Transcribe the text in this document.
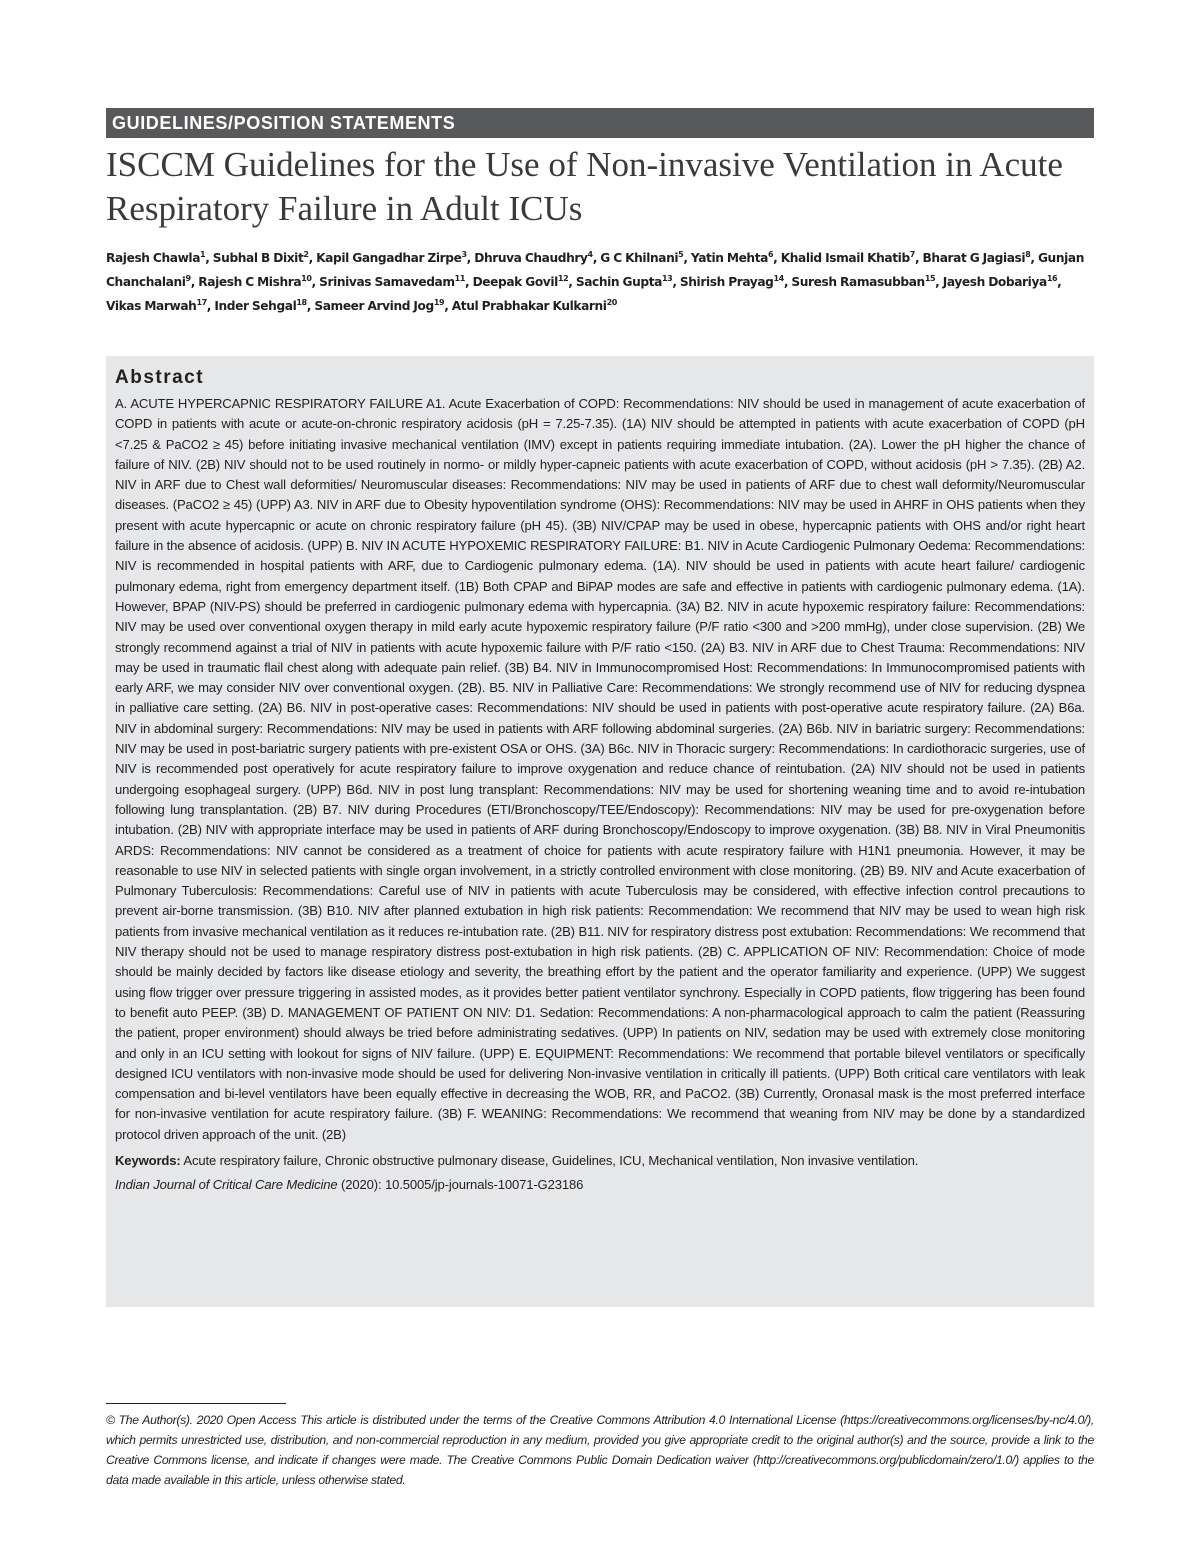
GUIDELINES/POSITION STATEMENTS
ISCCM Guidelines for the Use of Non-invasive Ventilation in Acute Respiratory Failure in Adult ICUs
Rajesh Chawla$^1$, Subhal B Dixit$^2$, Kapil Gangadhar Zirpe$^3$, Dhruva Chaudhry$^4$, G C Khilnani$^5$, Yatin Mehta$^6$, Khalid Ismail Khatib$^7$, Bharat G Jagiasi$^8$, Gunjan Chanchalani$^9$, Rajesh C Mishra$^{10}$, Srinivas Samavedam$^{11}$, Deepak Govil$^{12}$, Sachin Gupta$^{13}$, Shirish Prayag$^{14}$, Suresh Ramasubban$^{15}$, Jayesh Dobariya$^{16}$, Vikas Marwah$^{17}$, Inder Sehgal$^{18}$, Sameer Arvind Jog$^{19}$, Atul Prabhakar Kulkarni$^{20}$
Abstract

A. ACUTE HYPERCAPNIC RESPIRATORY FAILURE A1. Acute Exacerbation of COPD: Recommendations: NIV should be used in management of acute exacerbation of COPD in patients with acute or acute-on-chronic respiratory acidosis (pH = 7.25-7.35). (1A) NIV should be attempted in patients with acute exacerbation of COPD (pH <7.25 & PaCO2 ≥ 45) before initiating invasive mechanical ventilation (IMV) except in patients requiring immediate intubation. (2A). Lower the pH higher the chance of failure of NIV. (2B) NIV should not to be used routinely in normo- or mildly hyper-capneic patients with acute exacerbation of COPD, without acidosis (pH > 7.35). (2B) A2. NIV in ARF due to Chest wall deformities/ Neuromuscular diseases: Recommendations: NIV may be used in patients of ARF due to chest wall deformity/Neuromuscular diseases. (PaCO2 ≥ 45) (UPP) A3. NIV in ARF due to Obesity hypoventilation syndrome (OHS): Recommendations: NIV may be used in AHRF in OHS patients when they present with acute hypercapnic or acute on chronic respiratory failure (pH 45). (3B) NIV/CPAP may be used in obese, hypercapnic patients with OHS and/or right heart failure in the absence of acidosis. (UPP) B. NIV IN ACUTE HYPOXEMIC RESPIRATORY FAILURE: B1. NIV in Acute Cardiogenic Pulmonary Oedema: Recommendations: NIV is recommended in hospital patients with ARF, due to Cardiogenic pulmonary edema. (1A). NIV should be used in patients with acute heart failure/ cardiogenic pulmonary edema, right from emergency department itself. (1B) Both CPAP and BiPAP modes are safe and effective in patients with cardiogenic pulmonary edema. (1A). However, BPAP (NIV-PS) should be preferred in cardiogenic pulmonary edema with hypercapnia. (3A) B2. NIV in acute hypoxemic respiratory failure: Recommendations: NIV may be used over conventional oxygen therapy in mild early acute hypoxemic respiratory failure (P/F ratio <300 and >200 mmHg), under close supervision. (2B) We strongly recommend against a trial of NIV in patients with acute hypoxemic failure with P/F ratio <150. (2A) B3. NIV in ARF due to Chest Trauma: Recommendations: NIV may be used in traumatic flail chest along with adequate pain relief. (3B) B4. NIV in Immunocompromised Host: Recommendations: In Immunocompromised patients with early ARF, we may consider NIV over conventional oxygen. (2B). B5. NIV in Palliative Care: Recommendations: We strongly recommend use of NIV for reducing dyspnea in palliative care setting. (2A) B6. NIV in post-operative cases: Recommendations: NIV should be used in patients with post-operative acute respiratory failure. (2A) B6a. NIV in abdominal surgery: Recommendations: NIV may be used in patients with ARF following abdominal surgeries. (2A) B6b. NIV in bariatric surgery: Recommendations: NIV may be used in post-bariatric surgery patients with pre-existent OSA or OHS. (3A) B6c. NIV in Thoracic surgery: Recommendations: In cardiothoracic surgeries, use of NIV is recommended post operatively for acute respiratory failure to improve oxygenation and reduce chance of reintubation. (2A) NIV should not be used in patients undergoing esophageal surgery. (UPP) B6d. NIV in post lung transplant: Recommendations: NIV may be used for shortening weaning time and to avoid re-intubation following lung transplantation. (2B) B7. NIV during Procedures (ETI/Bronchoscopy/TEE/Endoscopy): Recommendations: NIV may be used for pre-oxygenation before intubation. (2B) NIV with appropriate interface may be used in patients of ARF during Bronchoscopy/Endoscopy to improve oxygenation. (3B) B8. NIV in Viral Pneumonitis ARDS: Recommendations: NIV cannot be considered as a treatment of choice for patients with acute respiratory failure with H1N1 pneumonia. However, it may be reasonable to use NIV in selected patients with single organ involvement, in a strictly controlled environment with close monitoring. (2B) B9. NIV and Acute exacerbation of Pulmonary Tuberculosis: Recommendations: Careful use of NIV in patients with acute Tuberculosis may be considered, with effective infection control precautions to prevent air-borne transmission. (3B) B10. NIV after planned extubation in high risk patients: Recommendation: We recommend that NIV may be used to wean high risk patients from invasive mechanical ventilation as it reduces re-intubation rate. (2B) B11. NIV for respiratory distress post extubation: Recommendations: We recommend that NIV therapy should not be used to manage respiratory distress post-extubation in high risk patients. (2B) C. APPLICATION OF NIV: Recommendation: Choice of mode should be mainly decided by factors like disease etiology and severity, the breathing effort by the patient and the operator familiarity and experience. (UPP) We suggest using flow trigger over pressure triggering in assisted modes, as it provides better patient ventilator synchrony. Especially in COPD patients, flow triggering has been found to benefit auto PEEP. (3B) D. MANAGEMENT OF PATIENT ON NIV: D1. Sedation: Recommendations: A non-pharmacological approach to calm the patient (Reassuring the patient, proper environment) should always be tried before administrating sedatives. (UPP) In patients on NIV, sedation may be used with extremely close monitoring and only in an ICU setting with lookout for signs of NIV failure. (UPP) E. EQUIPMENT: Recommendations: We recommend that portable bilevel ventilators or specifically designed ICU ventilators with non-invasive mode should be used for delivering Non-invasive ventilation in critically ill patients. (UPP) Both critical care ventilators with leak compensation and bi-level ventilators have been equally effective in decreasing the WOB, RR, and PaCO2. (3B) Currently, Oronasal mask is the most preferred interface for non-invasive ventilation for acute respiratory failure. (3B) F. WEANING: Recommendations: We recommend that weaning from NIV may be done by a standardized protocol driven approach of the unit. (2B)

Keywords: Acute respiratory failure, Chronic obstructive pulmonary disease, Guidelines, ICU, Mechanical ventilation, Non invasive ventilation.

Indian Journal of Critical Care Medicine (2020): 10.5005/jp-journals-10071-G23186

© The Author(s). 2020 Open Access This article is distributed under the terms of the Creative Commons Attribution 4.0 International License (https://creativecommons.org/licenses/by-nc/4.0/), which permits unrestricted use, distribution, and non-commercial reproduction in any medium, provided you give appropriate credit to the original author(s) and the source, provide a link to the Creative Commons license, and indicate if changes were made. The Creative Commons Public Domain Dedication waiver (http://creativecommons.org/publicdomain/zero/1.0/) applies to the data made available in this article, unless otherwise stated.
